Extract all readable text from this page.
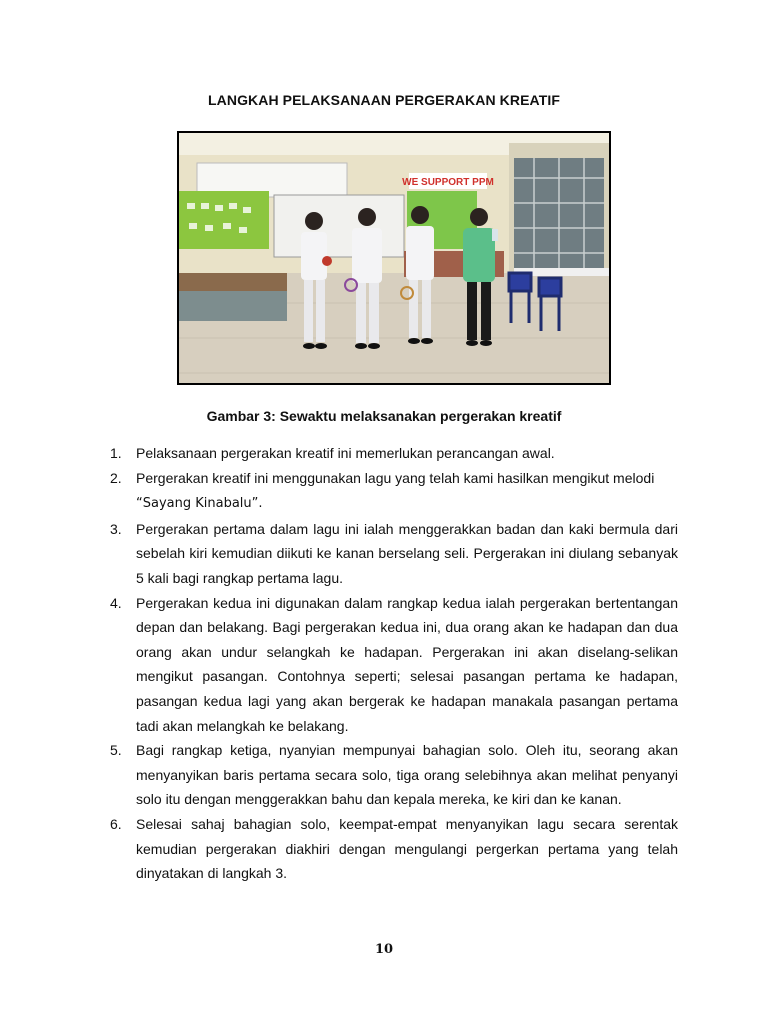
LANGKAH PELAKSANAAN PERGERAKAN KREATIF
WE SUPPORT PPM
Gambar 3: Sewaktu melaksanakan pergerakan kreatif
1. Pelaksanaan pergerakan kreatif ini memerlukan perancangan awal.
2. Pergerakan kreatif ini menggunakan lagu yang telah kami hasilkan mengikut melodi
“Sayang Kinabalu”.
3. Pergerakan pertama dalam lagu ini ialah menggerakkan badan dan kaki bermula dari sebelah kiri kemudian diikuti ke kanan berselang seli. Pergerakan ini diulang sebanyak 5 kali bagi rangkap pertama lagu.
4. Pergerakan kedua ini digunakan dalam rangkap kedua ialah pergerakan bertentangan depan dan belakang. Bagi pergerakan kedua ini, dua orang akan ke hadapan dan dua orang akan undur selangkah ke hadapan. Pergerakan ini akan diselang-selikan mengikut pasangan. Contohnya seperti; selesai pasangan pertama ke hadapan, pasangan kedua lagi yang akan bergerak ke hadapan manakala pasangan pertama tadi akan melangkah ke belakang.
5. Bagi rangkap ketiga, nyanyian mempunyai bahagian solo. Oleh itu, seorang akan menyanyikan baris pertama secara solo, tiga orang selebihnya akan melihat penyanyi solo itu dengan menggerakkan bahu dan kepala mereka, ke kiri dan ke kanan.
6. Selesai sahaj bahagian solo, keempat-empat menyanyikan lagu secara serentak kemudian pergerakan diakhiri dengan mengulangi pergerkan pertama yang telah dinyatakan di langkah 3.
10
